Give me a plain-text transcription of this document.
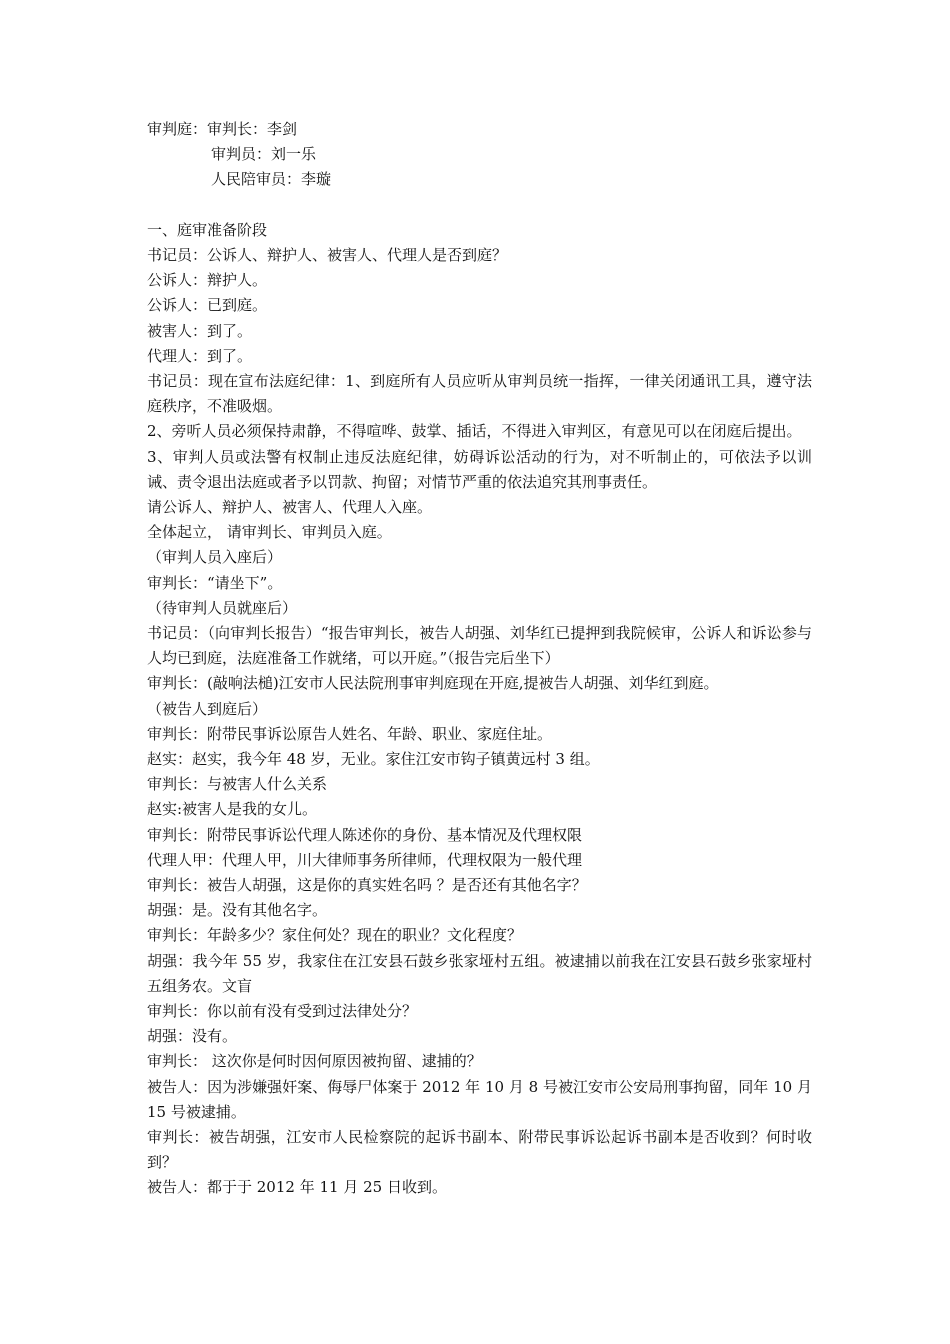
审判庭：审判长：李剑
审判员：刘一乐
人民陪审员：李璇

一、庭审准备阶段

书记员：公诉人、辩护人、被害人、代理人是否到庭？

公诉人：辩护人。

公诉人：已到庭。

被害人：到了。

代理人：到了。

书记员：现在宣布法庭纪律：1、到庭所有人员应听从审判员统一指挥，一律关闭通讯工具，遵守法庭秩序，不准吸烟。

2、旁听人员必须保持肃静，不得喧哗、鼓掌、插话，不得进入审判区，有意见可以在闭庭后提出。

3、审判人员或法警有权制止违反法庭纪律，妨碍诉讼活动的行为，对不听制止的，可依法予以训诫、责令退出法庭或者予以罚款、拘留；对情节严重的依法追究其刑事责任。

请公诉人、辩护人、被害人、代理人入座。

全体起立， 请审判长、审判员入庭。

（审判人员入座后）

审判长：“请坐下”。

（待审判人员就座后）

书记员：（向审判长报告）“报告审判长，被告人胡强、刘华红已提押到我院候审，公诉人和诉讼参与人均已到庭，法庭准备工作就绪，可以开庭。”（报告完后坐下）

审判长：(敲响法槌)江安市人民法院刑事审判庭现在开庭,提被告人胡强、刘华红到庭。

（被告人到庭后）

审判长：附带民事诉讼原告人姓名、年龄、职业、家庭住址。

赵实：赵实，我今年 48 岁，无业。家住江安市钩子镇黄远村 3 组。

审判长：与被害人什么关系

赵实:被害人是我的女儿。

审判长：附带民事诉讼代理人陈述你的身份、基本情况及代理权限

代理人甲：代理人甲，川大律师事务所律师，代理权限为一般代理

审判长：被告人胡强，这是你的真实姓名吗 ？是否还有其他名字？

胡强：是。没有其他名字。

审判长：年龄多少？家住何处？现在的职业？文化程度？

胡强：我今年 55 岁，我家住在江安县石鼓乡张家垭村五组。被逮捕以前我在江安县石鼓乡张家垭村五组务农。文盲

审判长：你以前有没有受到过法律处分？

胡强：没有。

审判长： 这次你是何时因何原因被拘留、逮捕的？

被告人：因为涉嫌强奸案、侮辱尸体案于 2012 年 10 月 8 号被江安市公安局刑事拘留，同年 10 月 15 号被逮捕。

审判长：被告胡强，江安市人民检察院的起诉书副本、附带民事诉讼起诉书副本是否收到？何时收到？

被告人：都于于 2012 年 11 月 25 日收到。
